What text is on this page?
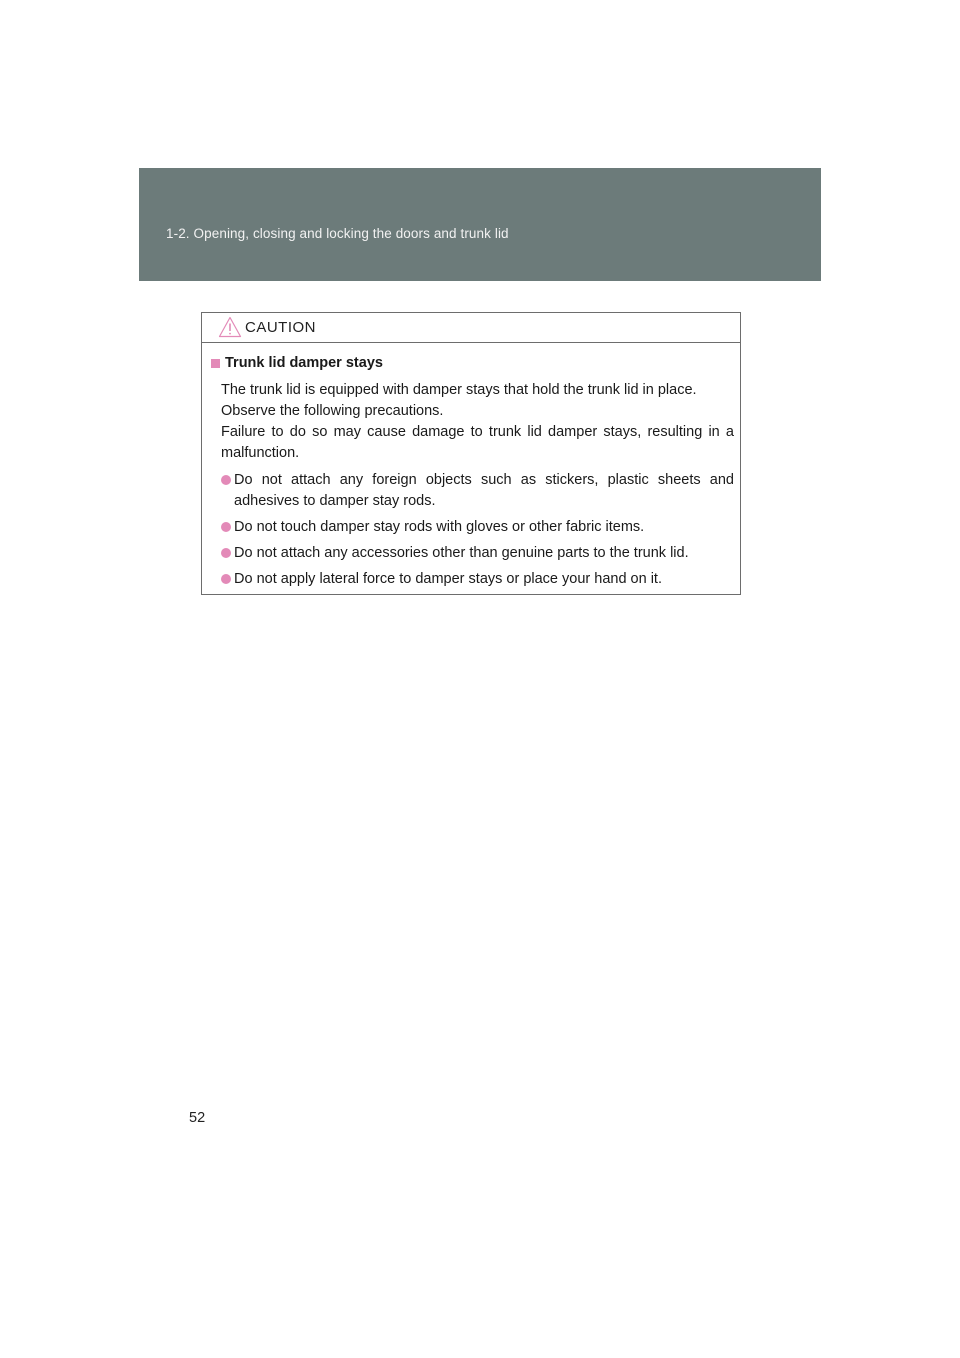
1-2. Opening, closing and locking the doors and trunk lid
CAUTION
Trunk lid damper stays

The trunk lid is equipped with damper stays that hold the trunk lid in place.

Observe the following precautions.

Failure to do so may cause damage to trunk lid damper stays, resulting in a malfunction.

Do not attach any foreign objects such as stickers, plastic sheets and adhesives to damper stay rods.
Do not touch damper stay rods with gloves or other fabric items.
Do not attach any accessories other than genuine parts to the trunk lid.
Do not apply lateral force to damper stays or place your hand on it.
52
